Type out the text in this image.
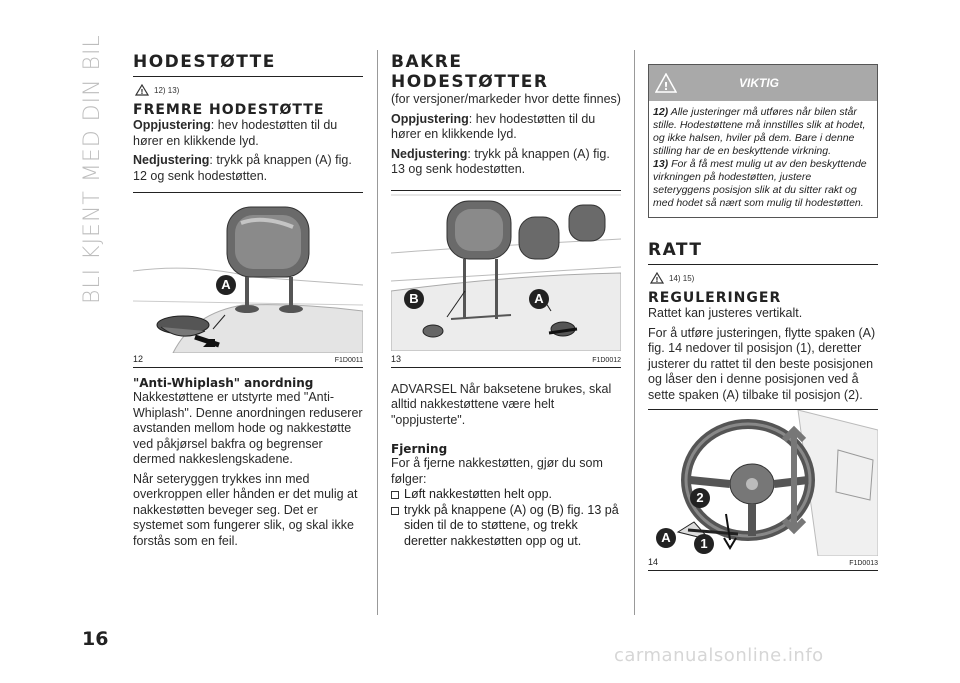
BLI KJENT MED DIN BIL
16
carmanualsonline.info
HODESTØTTE
! 12) 13)
FREMRE HODESTØTTE

Oppjustering: hev hodestøtten til du hører en klikkende lyd.

Nedjustering: trykk på knappen (A) fig. 12 og senk hodestøtten.

A
12	F1D0011
"Anti-Whiplash" anordning

Nakkestøttene er utstyrte med "Anti-Whiplash". Denne anordningen reduserer avstanden mellom hode og nakkestøtte ved påkjørsel bakfra og begrenser dermed nakkeslengskadene.

Når seteryggen trykkes inn med overkroppen eller hånden er det mulig at nakkestøtten beveger seg. Det er systemet som fungerer slik, og skal ikke forstås som en feil.

BAKRE HODESTØTTER

(for versjoner/markeder hvor dette finnes)

Oppjustering: hev hodestøtten til du hører en klikkende lyd.

Nedjustering: trykk på knappen (A) fig. 13 og senk hodestøtten.

B	A
13	F1D0012

ADVARSEL Når baksetene brukes, skal alltid nakkestøttene være helt "oppjusterte".

Fjerning

For å fjerne nakkestøtten, gjør du som følger:

Løft nakkestøtten helt opp.
trykk på knappene (A) og (B) fig. 13 på siden til de to støttene, og trekk deretter nakkestøtten opp og ut.
!	VIKTIG
12) Alle justeringer må utføres når bilen står stille. Hodestøttene må innstilles slik at hodet, og ikke halsen, hviler på dem. Bare i denne stilling har de en beskyttende virkning.
13) For å få mest mulig ut av den beskyttende virkningen på hodestøtten, justere seteryggens posisjon slik at du sitter rakt og med hodet så nært som mulig til hodestøtten.
RATT
! 14) 15)
REGULERINGER

Rattet kan justeres vertikalt.

For å utføre justeringen, flytte spaken (A) fig. 14 nedover til posisjon (1), deretter justerer du rattet til den beste posisjonen og låser den i denne posisjonen ved å sette spaken (A) tilbake til posisjon (2).

2
A	1
14	F1D0013
